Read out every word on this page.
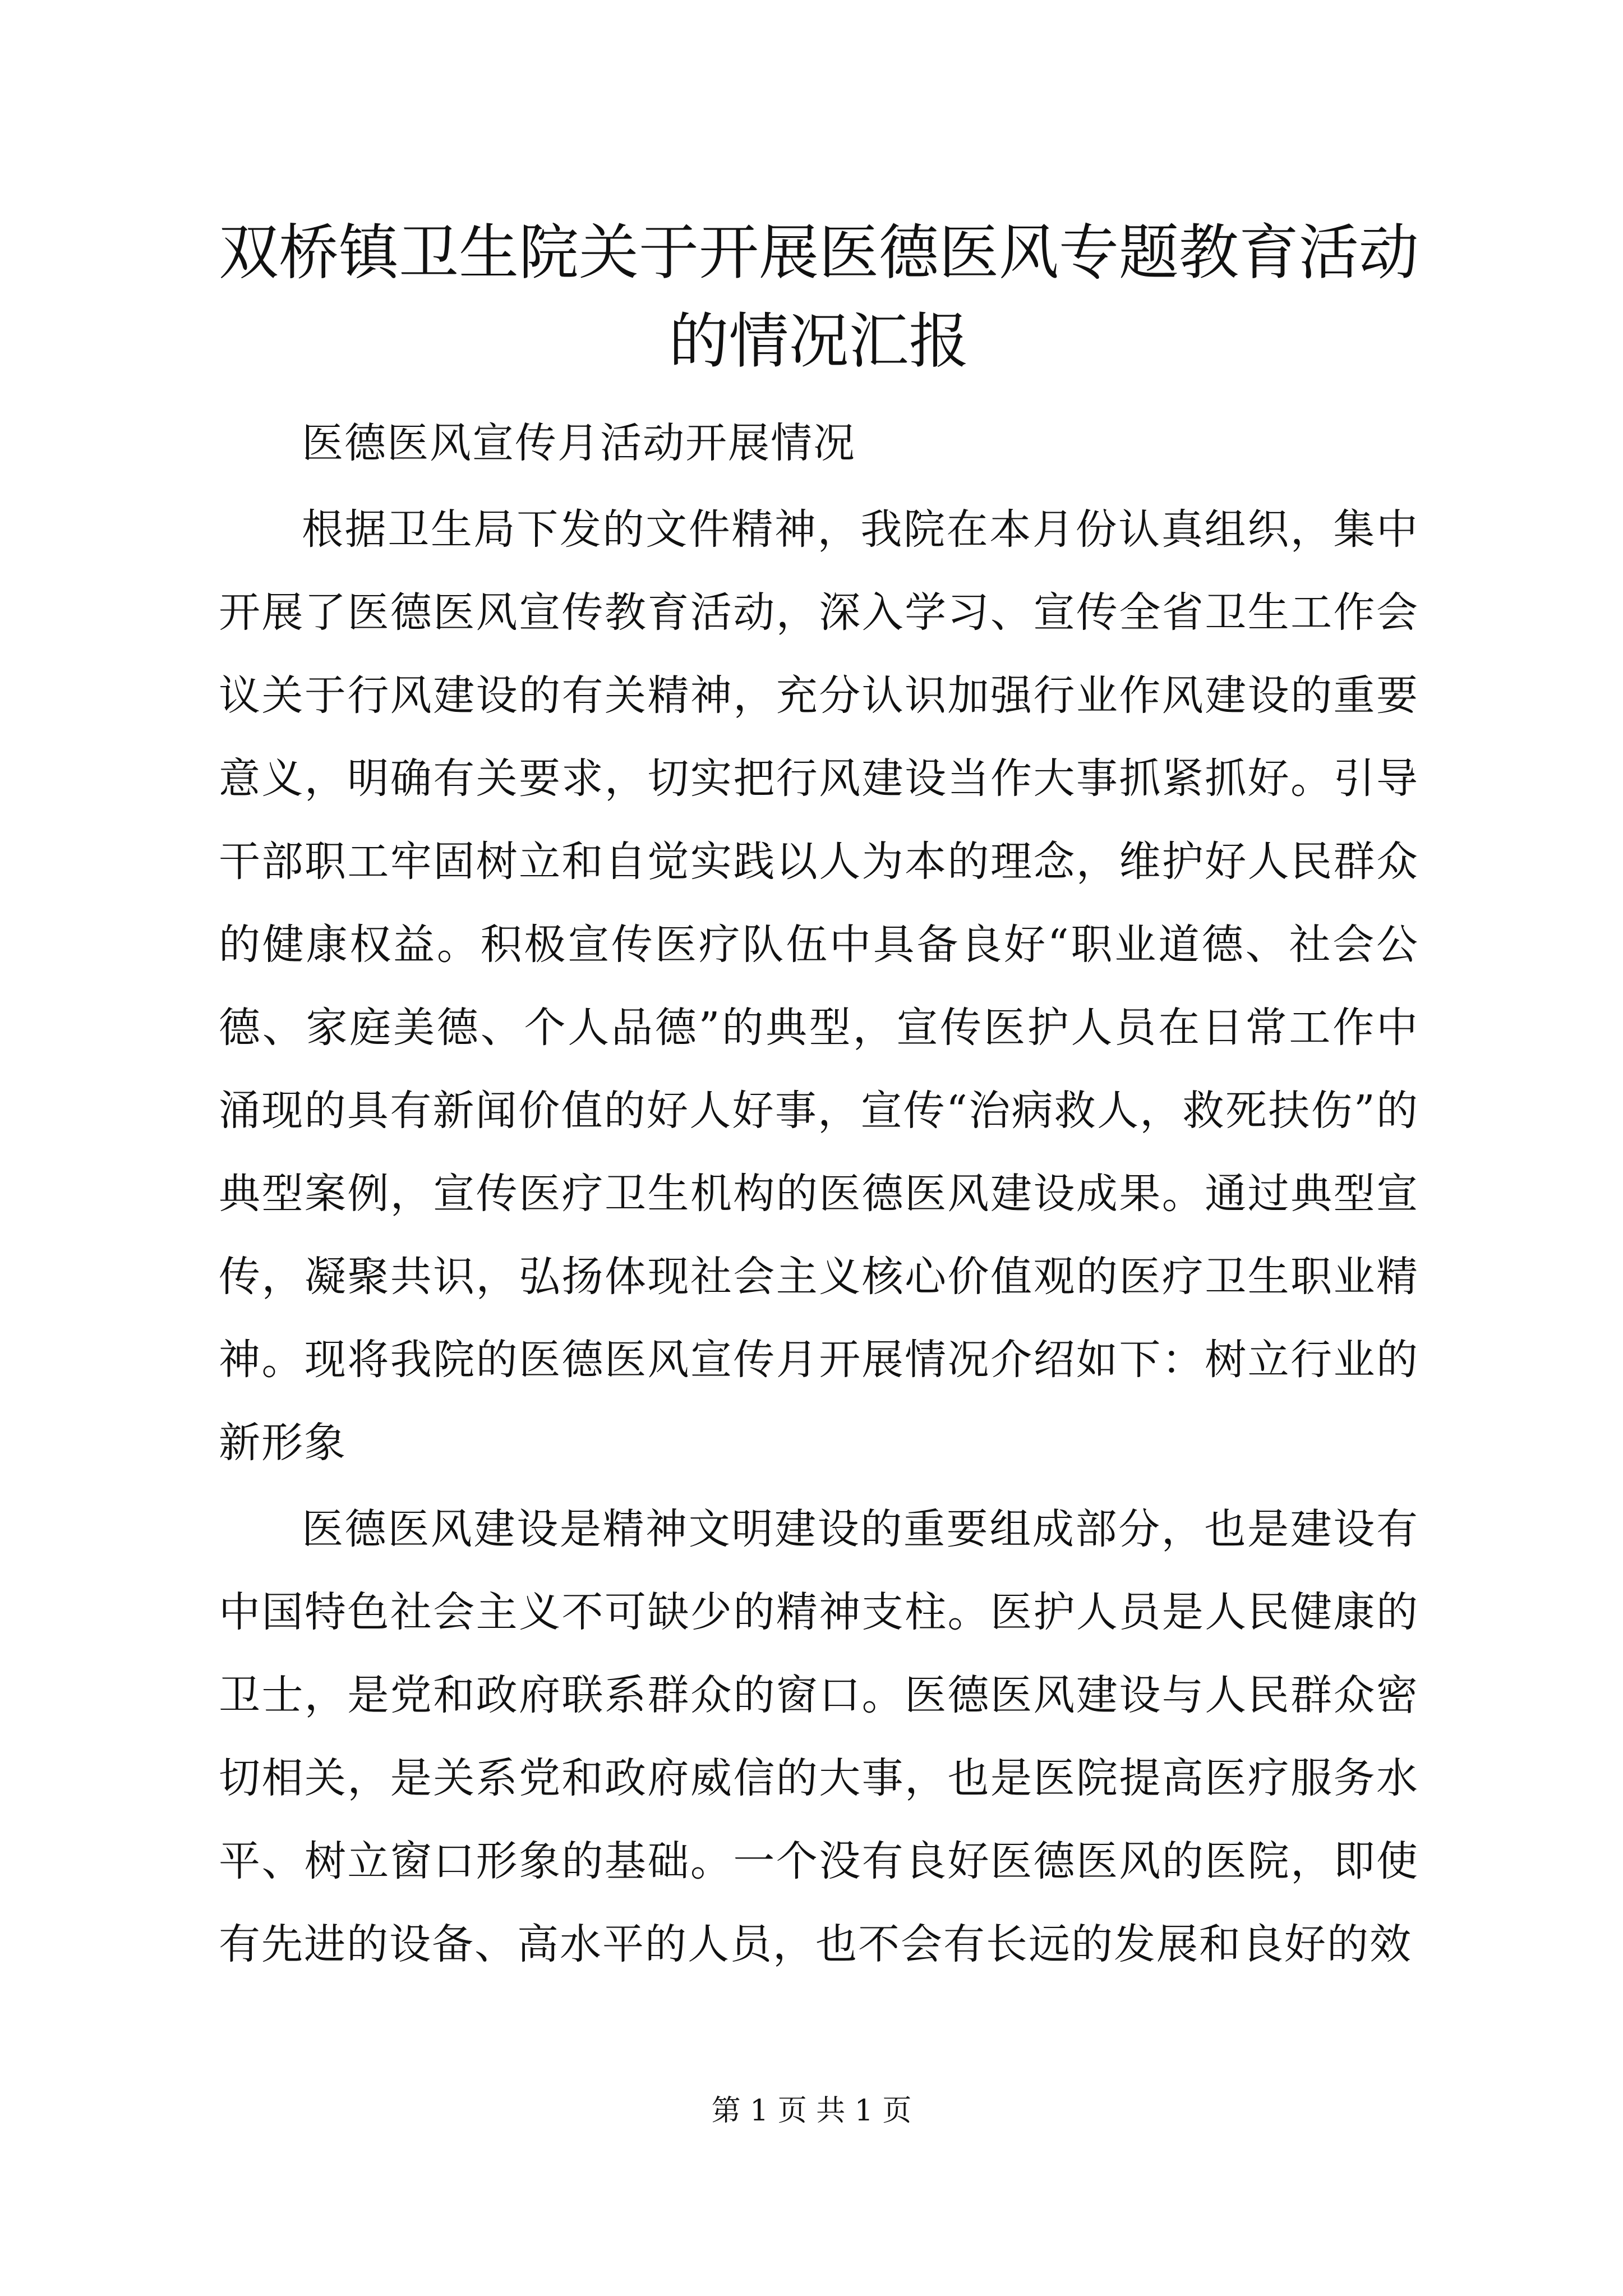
双桥镇卫生院关于开展医德医风专题教育活动的情况汇报

医德医风宣传月活动开展情况

根据卫生局下发的文件精神，我院在本月份认真组织，集中开展了医德医风宣传教育活动，深入学习、宣传全省卫生工作会议关于行风建设的有关精神，充分认识加强行业作风建设的重要意义，明确有关要求，切实把行风建设当作大事抓紧抓好。引导干部职工牢固树立和自觉实践以人为本的理念，维护好人民群众的健康权益。积极宣传医疗队伍中具备良好“职业道德、社会公德、家庭美德、个人品德”的典型，宣传医护人员在日常工作中涌现的具有新闻价值的好人好事，宣传“治病救人，救死扶伤”的典型案例，宣传医疗卫生机构的医德医风建设成果。通过典型宣传，凝聚共识，弘扬体现社会主义核心价值观的医疗卫生职业精神。现将我院的医德医风宣传月开展情况介绍如下：树立行业的新形象

医德医风建设是精神文明建设的重要组成部分，也是建设有中国特色社会主义不可缺少的精神支柱。医护人员是人民健康的卫士，是党和政府联系群众的窗口。医德医风建设与人民群众密切相关，是关系党和政府威信的大事，也是医院提高医疗服务水平、树立窗口形象的基础。一个没有良好医德医风的医院，即使有先进的设备、高水平的人员，也不会有长远的发展和良好的效

第 1 页 共 1 页
